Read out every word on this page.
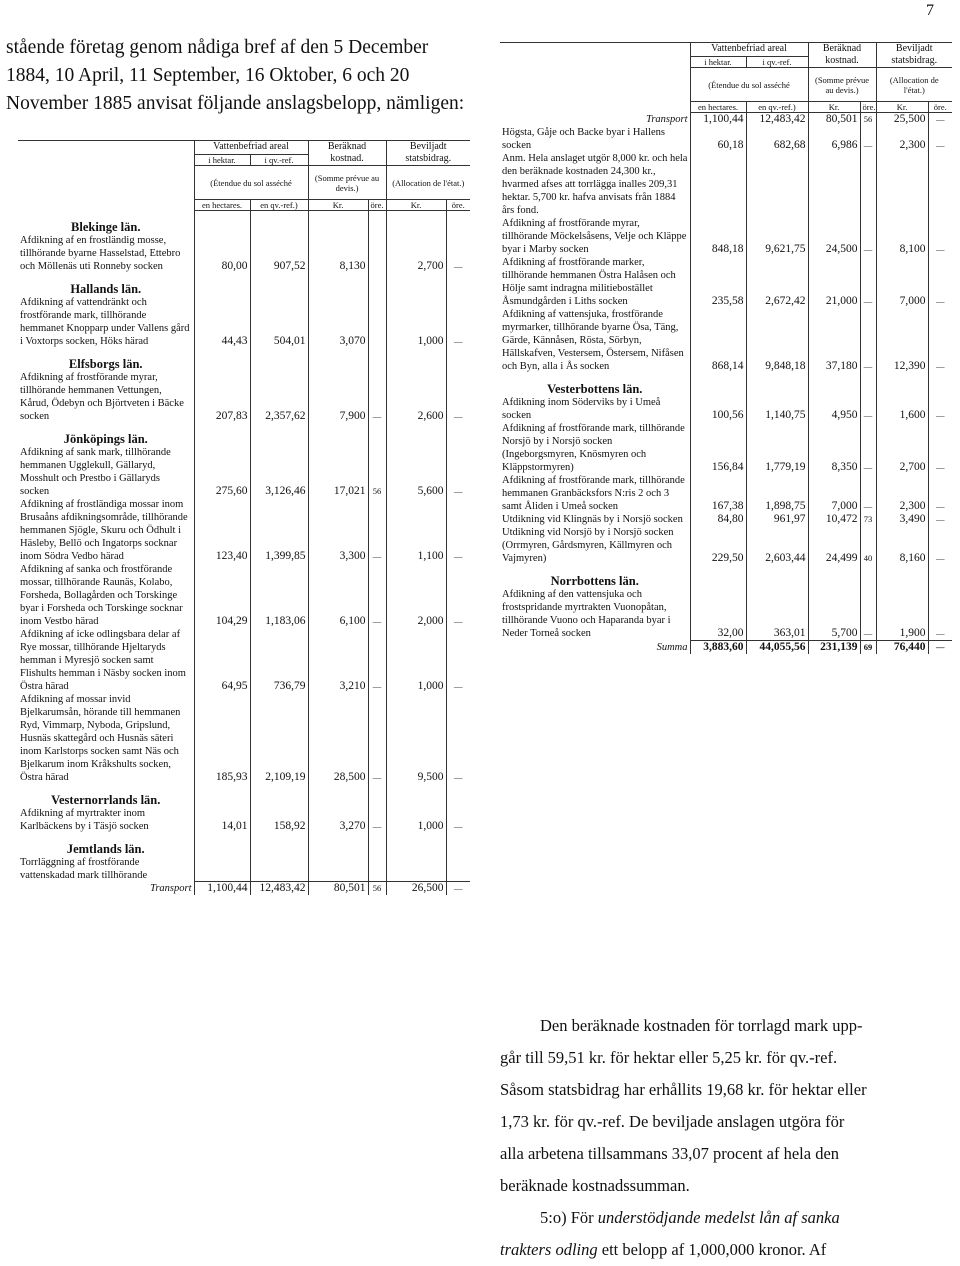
7
stående företag genom nådiga bref af den 5 December
1884, 10 April, 11 September, 16 Oktober, 6 och 20
November 1885 anvisat följande anslagsbelopp, nämligen:
	Vattenbefriad areal		Beräknad kostnad.		Beviljadt statsbidrag.	
	i hektar.	i qv.-ref.				
	(Étendue du sol asséché		(Somme prévue au devis.)		(Allocation de l'état.)	
	en hectares.	en qv.-ref.)	Kr.	öre.	Kr.	öre.
Blekinge län.						
Afdikning af en frostländig mosse, tillhörande byarne Hasselstad, Ettebro och Möllenäs uti Ronneby socken	80,00	907,52	8,130		2,700	—
Hallands län.						
Afdikning af vattendränkt och frostförande mark, tillhörande hemmanet Knopparp under Vallens gård i Voxtorps socken, Höks härad	44,43	504,01	3,070		1,000	—
Elfsborgs län.						
Afdikning af frostförande myrar, tillhörande hemmanen Vettungen, Kårud, Ödebyn och Björtveten i Bäcke socken	207,83	2,357,62	7,900	—	2,600	—
Jönköpings län.						
Afdikning af sank mark, tillhörande hemmanen Ugglekull, Gällaryd, Mosshult och Prestbo i Gällaryds socken	275,60	3,126,46	17,021	56	5,600	—
Afdikning af frostländiga mossar inom Brusaåns afdikningsområde, tillhörande hemmanen Sjögle, Skuru och Ödhult i Häsleby, Bellö och Ingatorps socknar inom Södra Vedbo härad	123,40	1,399,85	3,300	—	1,100	—
Afdikning af sanka och frostförande mossar, tillhörande Raunäs, Kolabo, Forsheda, Bollagården och Torskinge byar i Forsheda och Torskinge socknar inom Vestbo härad	104,29	1,183,06	6,100	—	2,000	—
Afdikning af icke odlingsbara delar af Rye mossar, tillhörande Hjeltaryds hemman i Myresjö socken samt Flishults hemman i Näsby socken inom Östra härad	64,95	736,79	3,210	—	1,000	—
Afdikning af mossar invid Bjelkarumsån, hörande till hemmanen Ryd, Vimmarp, Nyboda, Gripslund, Husnäs skattegård och Husnäs säteri inom Karlstorps socken samt Näs och Bjelkarum inom Kråkshults socken, Östra härad	185,93	2,109,19	28,500	—	9,500	—
Vesternorrlands län.						
Afdikning af myrtrakter inom Karlbäckens by i Täsjö socken	14,01	158,92	3,270	—	1,000	—
Jemtlands län.						
Torrläggning af frostförande vattenskadad mark tillhörande						
Transport	1,100,44	12,483,42	80,501	56	26,500	—
	Vattenbefriad areal		Beräknad kostnad.		Beviljadt statsbidrag.	
	i hektar.	i qv.-ref.				
	(Étendue du sol asséché		(Somme prévue au devis.)		(Allocation de l'état.)	
	en hectares.	en qv.-ref.)	Kr.	öre.	Kr.	öre.
Transport	1,100,44	12,483,42	80,501	56	25,500	—
Högsta, Gåje och Backe byar i Hallens socken	60,18	682,68	6,986	—	2,300	—
Anm. Hela anslaget utgör 8,000 kr. och hela den beräknade kostnaden 24,300 kr., hvarmed afses att torrlägga inalles 209,31 hektar. 5,700 kr. hafva anvisats från 1884 års fond.						
Afdikning af frostförande myrar, tillhörande Möckelsåsens, Velje och Kläppe byar i Marby socken	848,18	9,621,75	24,500	—	8,100	—
Afdikning af frostförande marker, tillhörande hemmanen Östra Halåsen och Hölje samt indragna militiebostället Åsmundgården i Liths socken	235,58	2,672,42	21,000	—	7,000	—
Afdikning af vattensjuka, frostförande myrmarker, tillhörande byarne Ösa, Täng, Gärde, Kännåsen, Rösta, Sörbyn, Hällskafven, Vestersem, Östersem, Nifåsen och Byn, alla i Ås socken	868,14	9,848,18	37,180	—	12,390	—
Vesterbottens län.						
Afdikning inom Söderviks by i Umeå socken	100,56	1,140,75	4,950	—	1,600	—
Afdikning af frostförande mark, tillhörande Norsjö by i Norsjö socken (Ingeborgsmyren, Knösmyren och Kläppstormyren)	156,84	1,779,19	8,350	—	2,700	—
Afdikning af frostförande mark, tillhörande hemmanen Granbäcksfors N:ris 2 och 3 samt Åliden i Umeå socken	167,38	1,898,75	7,000	—	2,300	—
Utdikning vid Klingnäs by i Norsjö socken	84,80	961,97	10,472	73	3,490	—
Utdikning vid Norsjö by i Norsjö socken (Orrmyren, Gårdsmyren, Källmyren och Vajmyren)	229,50	2,603,44	24,499	40	8,160	—
Norrbottens län.						
Afdikning af den vattensjuka och frostspridande myrtrakten Vuonopåtan, tillhörande Vuono och Haparanda byar i Neder Torneå socken	32,00	363,01	5,700	—	1,900	—
Summa	3,883,60	44,055,56	231,139	69	76,440	—
Den beräknade kostnaden för torrlagd mark upp-
går till 59,51 kr. för hektar eller 5,25 kr. för qv.-ref.
Såsom statsbidrag har erhållits 19,68 kr. för hektar eller
1,73 kr. för qv.-ref. De beviljade anslagen utgöra för
alla arbetena tillsammans 33,07 procent af hela den
beräknade kostnadssumman.
5:o) För understödjande medelst lån af sanka
trakters odling ett belopp af 1,000,000 kronor. Af
